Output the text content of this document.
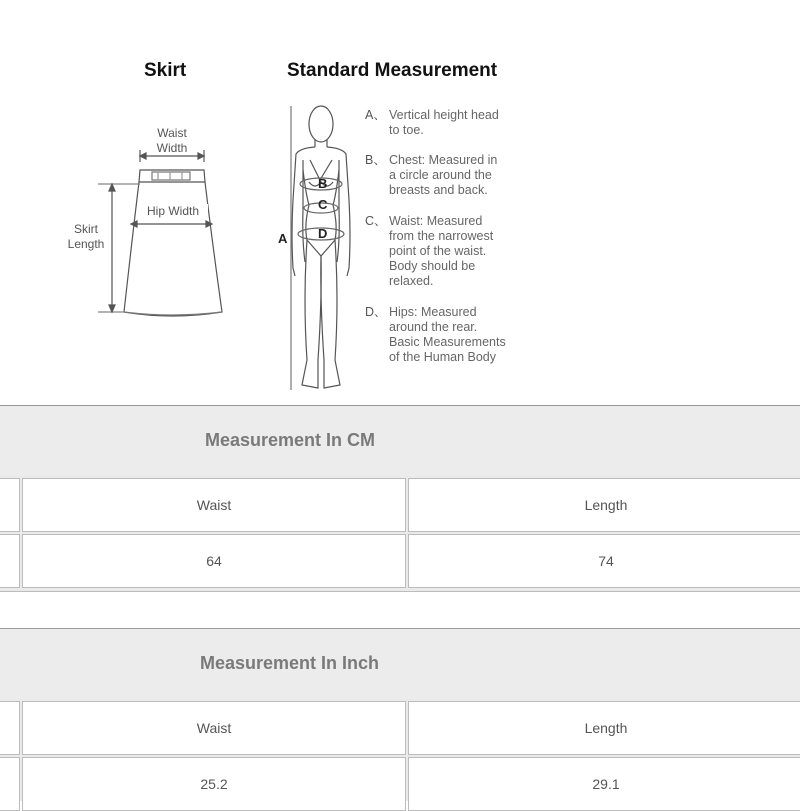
Skirt	Standard Measurement
Waist
Width
Hip Width
Skirt
Length	A
B
C
D
A、 Vertical height head
to toe.
B、 Chest: Measured in
a circle around the
breasts and back.
C、 Waist: Measured
from the narrowest
point of the waist.
Body should be
relaxed.
D、 Hips: Measured
around the rear.
Basic Measurements
of the Human Body
Measurement In CM
Waist	Length
64	74
Measurement In Inch
Waist	Length
25.2	29.1
